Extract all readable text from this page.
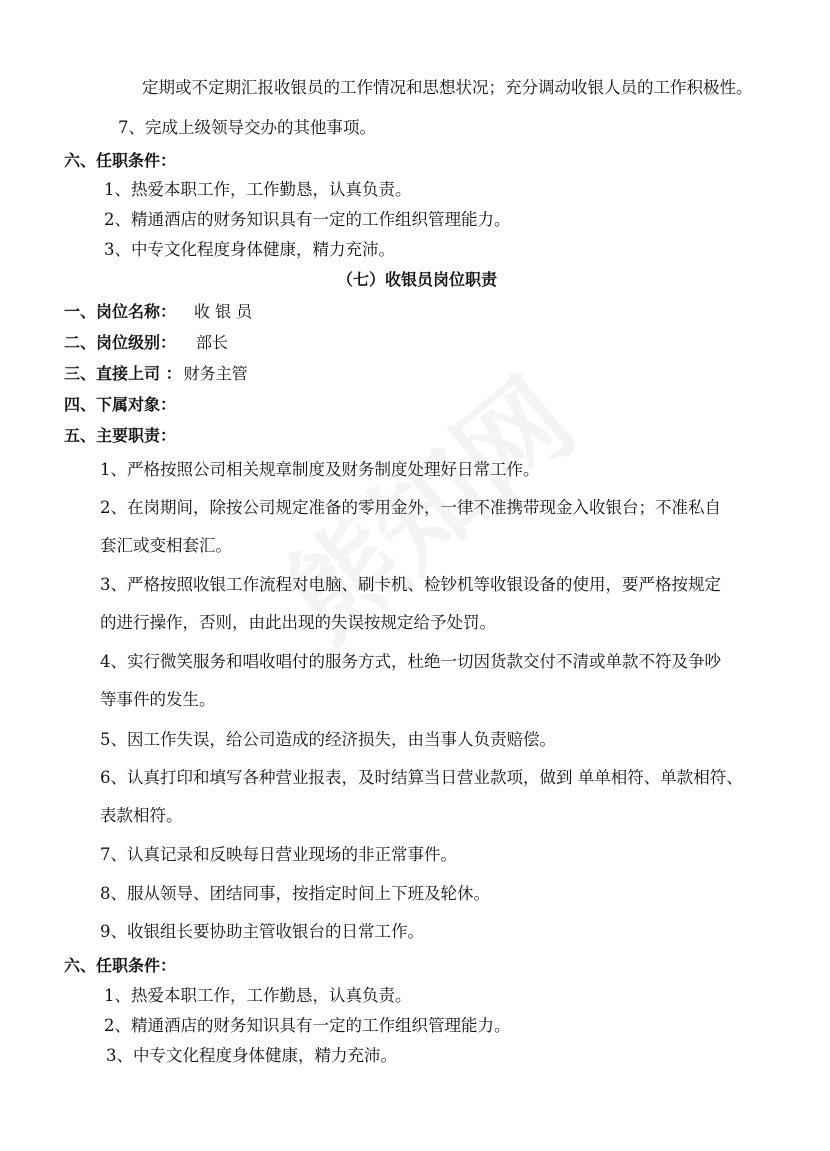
定期或不定期汇报收银员的工作情况和思想状况；充分调动收银人员的工作积极性。
7、完成上级领导交办的其他事项。
六、任职条件：
1、热爱本职工作，工作勤恳，认真负责。
2、精通酒店的财务知识具有一定的工作组织管理能力。
3、中专文化程度身体健康，精力充沛。
（七）收银员岗位职责
一、岗位名称： 收 银 员
二、岗位级别： 部长
三、直接上司 ： 财务主管
四、下属对象：
五、主要职责：
1、严格按照公司相关规章制度及财务制度处理好日常工作。
2、在岗期间，除按公司规定准备的零用金外，一律不准携带现金入收银台；不准私自
套汇或变相套汇。
3、严格按照收银工作流程对电脑、刷卡机、检钞机等收银设备的使用，要严格按规定
的进行操作，否则，由此出现的失误按规定给予处罚。
4、实行微笑服务和唱收唱付的服务方式，杜绝一切因货款交付不清或单款不符及争吵
等事件的发生。
5、因工作失误，给公司造成的经济损失，由当事人负责赔偿。
6、认真打印和填写各种营业报表，及时结算当日营业款项，做到 单单相符、单款相符、
表款相符。
7、认真记录和反映每日营业现场的非正常事件。
8、服从领导、团结同事，按指定时间上下班及轮休。
9、收银组长要协助主管收银台的日常工作。
六、任职条件：
1、热爱本职工作，工作勤恳，认真负责。
2、精通酒店的财务知识具有一定的工作组织管理能力。
3、中专文化程度身体健康，精力充沛。
